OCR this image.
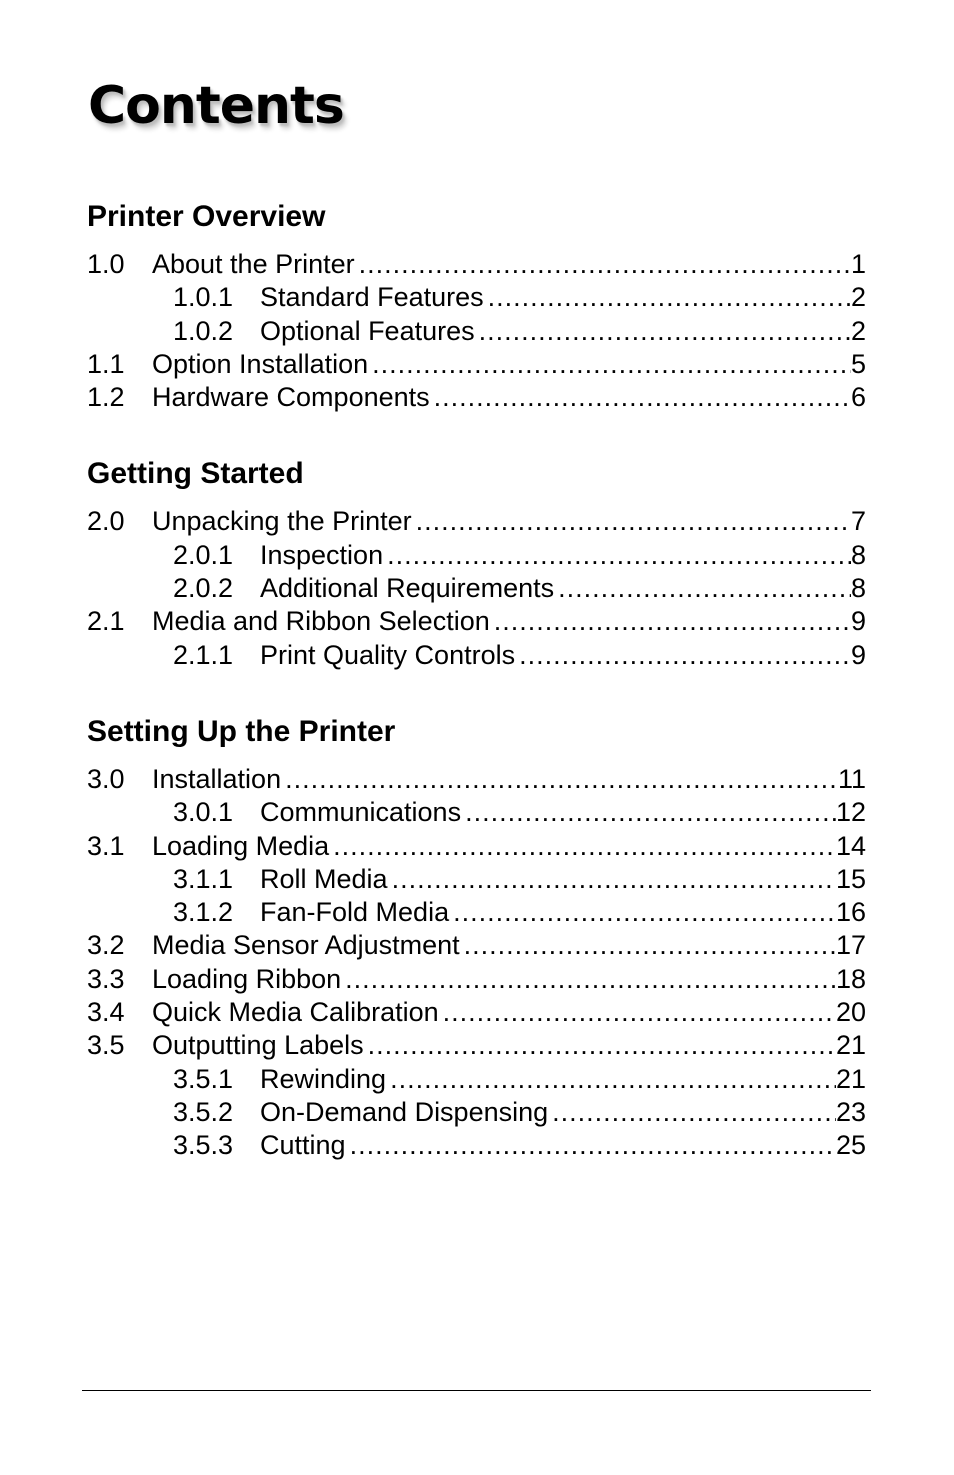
Contents
Printer Overview
1.0	About the Printer .....	1
1.0.1 Standard Features .....	2
1.0.2 Optional Features .....	2
1.1	Option Installation .....	5
1.2	Hardware Components .....	6
Getting Started
2.0	Unpacking the Printer .....	7
2.0.1 Inspection .....	8
2.0.2 Additional Requirements .....	8
2.1	Media and Ribbon Selection .....	9
2.1.1 Print Quality Controls .....	9
Setting Up the Printer
3.0	Installation .....	11
3.0.1 Communications .....	12
3.1	Loading Media .....	14
3.1.1 Roll Media .....	15
3.1.2 Fan-Fold Media .....	16
3.2	Media Sensor Adjustment .....	17
3.3	Loading Ribbon .....	18
3.4	Quick Media Calibration .....	20
3.5	Outputting Labels .....	21
3.5.1 Rewinding .....	21
3.5.2 On-Demand Dispensing .....	23
3.5.3 Cutting .....	25
